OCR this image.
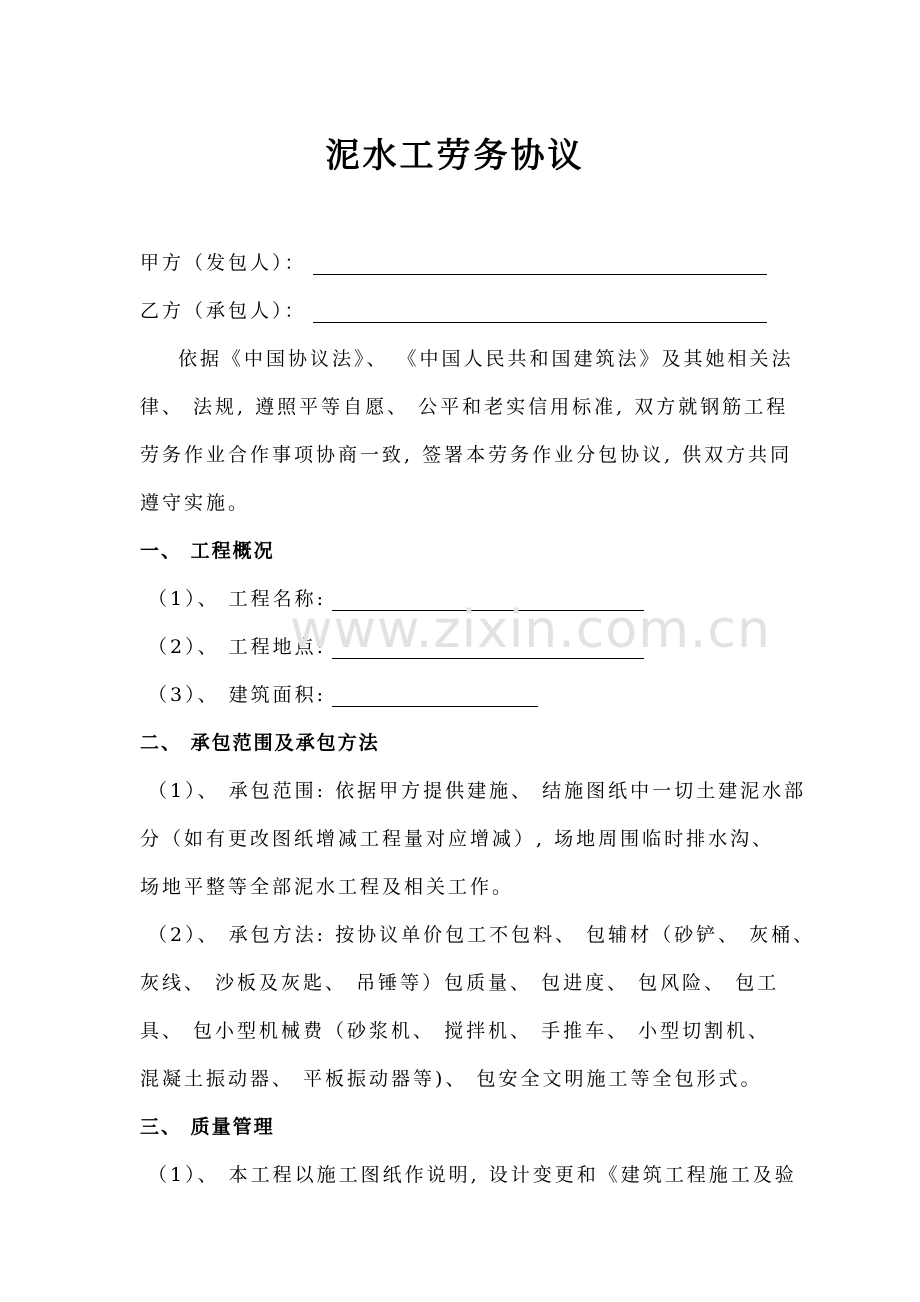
泥水工劳务协议
甲方（发包人）：
乙方（承包人）：
依据《中国协议法》、 《中国人民共和国建筑法》及其她相关法
律、 法规, 遵照平等自愿、 公平和老实信用标准, 双方就钢筋工程
劳务作业合作事项协商一致, 签署本劳务作业分包协议, 供双方共同
遵守实施。
一、 工程概况
（1）、 工程名称:
（2）、 工程地点:
（3）、 建筑面积:
二、 承包范围及承包方法
（1）、 承包范围: 依据甲方提供建施、 结施图纸中一切土建泥水部
分（如有更改图纸增减工程量对应增减）, 场地周围临时排水沟、
场地平整等全部泥水工程及相关工作。
（2）、 承包方法: 按协议单价包工不包料、 包辅材（砂铲、 灰桶、
灰线、 沙板及灰匙、 吊锤等）包质量、 包进度、 包风险、 包工
具、 包小型机械费（砂浆机、 搅拌机、 手推车、 小型切割机、
混凝土振动器、 平板振动器等)、 包安全文明施工等全包形式。
三、 质量管理
（1）、 本工程以施工图纸作说明, 设计变更和《建筑工程施工及验
www.zixin.com.cn
